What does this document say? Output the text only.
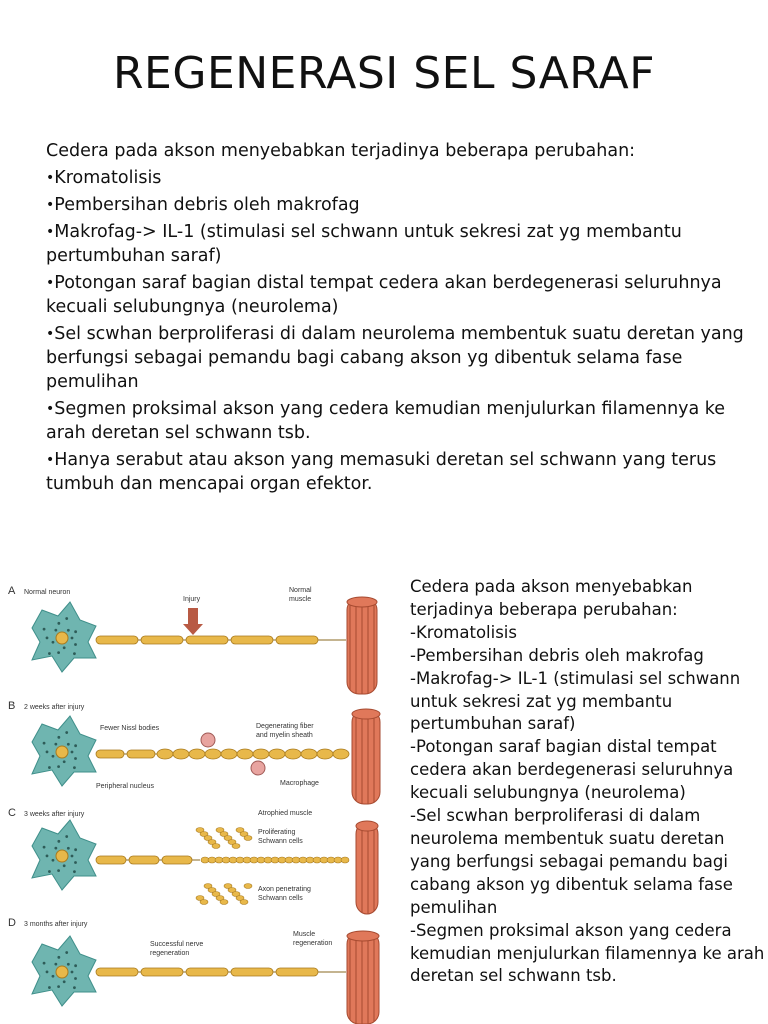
REGENERASI SEL SARAF

Cedera pada akson menyebabkan terjadinya beberapa perubahan:

•Kromatolisis
•Pembersihan debris oleh makrofag
•Makrofag-> IL-1 (stimulasi sel schwann untuk sekresi zat yg membantu pertumbuhan saraf)
•Potongan saraf bagian distal tempat cedera akan berdegenerasi seluruhnya kecuali selubungnya (neurolema)
•Sel scwhan berproliferasi di dalam neurolema membentuk suatu deretan yang berfungsi sebagai pemandu bagi cabang akson yg dibentuk selama fase pemulihan
•Segmen proksimal akson yang cedera kemudian menjulurkan filamennya ke arah deretan sel schwann tsb.
•Hanya serabut atau akson yang memasuki deretan sel schwann yang terus tumbuh dan mencapai organ efektor.
A Normal neuron
Injury
Normal
muscle
B 2 weeks after injury
Fewer Nissl bodies	Degenerating fiber
and myelin sheath
Peripheral nucleus	Macrophage
C 3 weeks after injury	Atrophied muscle
Proliferating
Schwann cells
Axon penetrating
Schwann cells
D 3 months after injury
Successful nerve
regeneration
Muscle
regeneration

Cedera pada akson menyebabkan terjadinya beberapa perubahan:

-Kromatolisis
-Pembersihan debris oleh makrofag
-Makrofag-> IL-1 (stimulasi sel schwann untuk sekresi zat yg membantu pertumbuhan saraf)
-Potongan saraf bagian distal tempat cedera akan berdegenerasi seluruhnya kecuali selubungnya (neurolema)
-Sel scwhan berproliferasi di dalam neurolema membentuk suatu deretan yang berfungsi sebagai pemandu bagi cabang akson yg dibentuk selama fase pemulihan
-Segmen proksimal akson yang cedera kemudian menjulurkan filamennya ke arah deretan sel schwann tsb.
